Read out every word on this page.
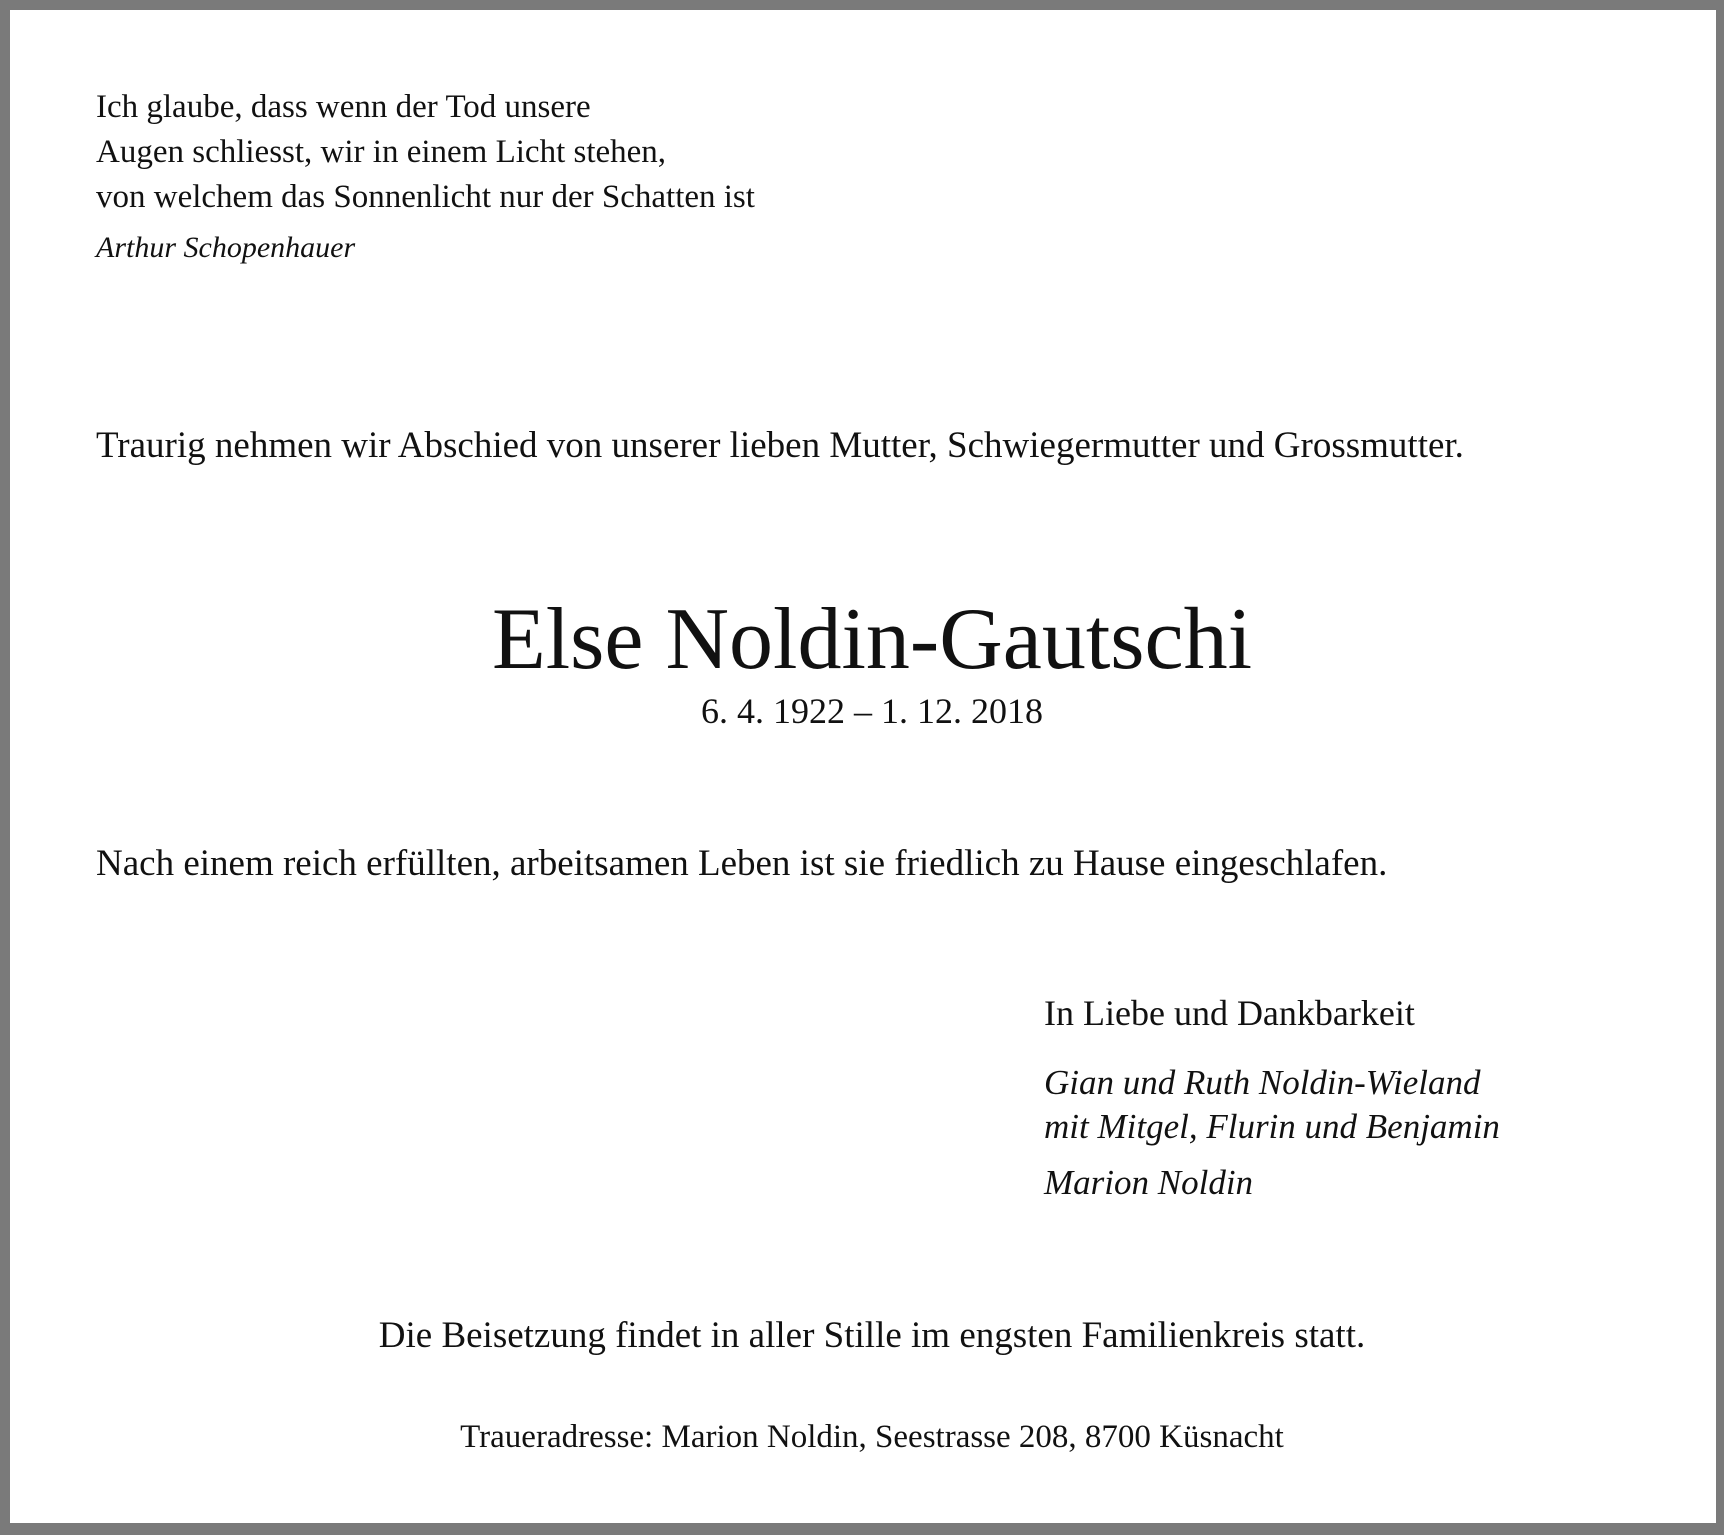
Ich glaube, dass wenn der Tod unsere
Augen schliesst, wir in einem Licht stehen,
von welchem das Sonnenlicht nur der Schatten ist

Arthur Schopenhauer

Traurig nehmen wir Abschied von unserer lieben Mutter, Schwiegermutter und Grossmutter.

Else Noldin-Gautschi

6. 4. 1922 – 1. 12. 2018

Nach einem reich erfüllten, arbeitsamen Leben ist sie friedlich zu Hause eingeschlafen.

In Liebe und Dankbarkeit

Gian und Ruth Noldin-Wieland
mit Mitgel, Flurin und Benjamin
Marion Noldin

Die Beisetzung findet in aller Stille im engsten Familienkreis statt.

Traueradresse: Marion Noldin, Seestrasse 208, 8700 Küsnacht
